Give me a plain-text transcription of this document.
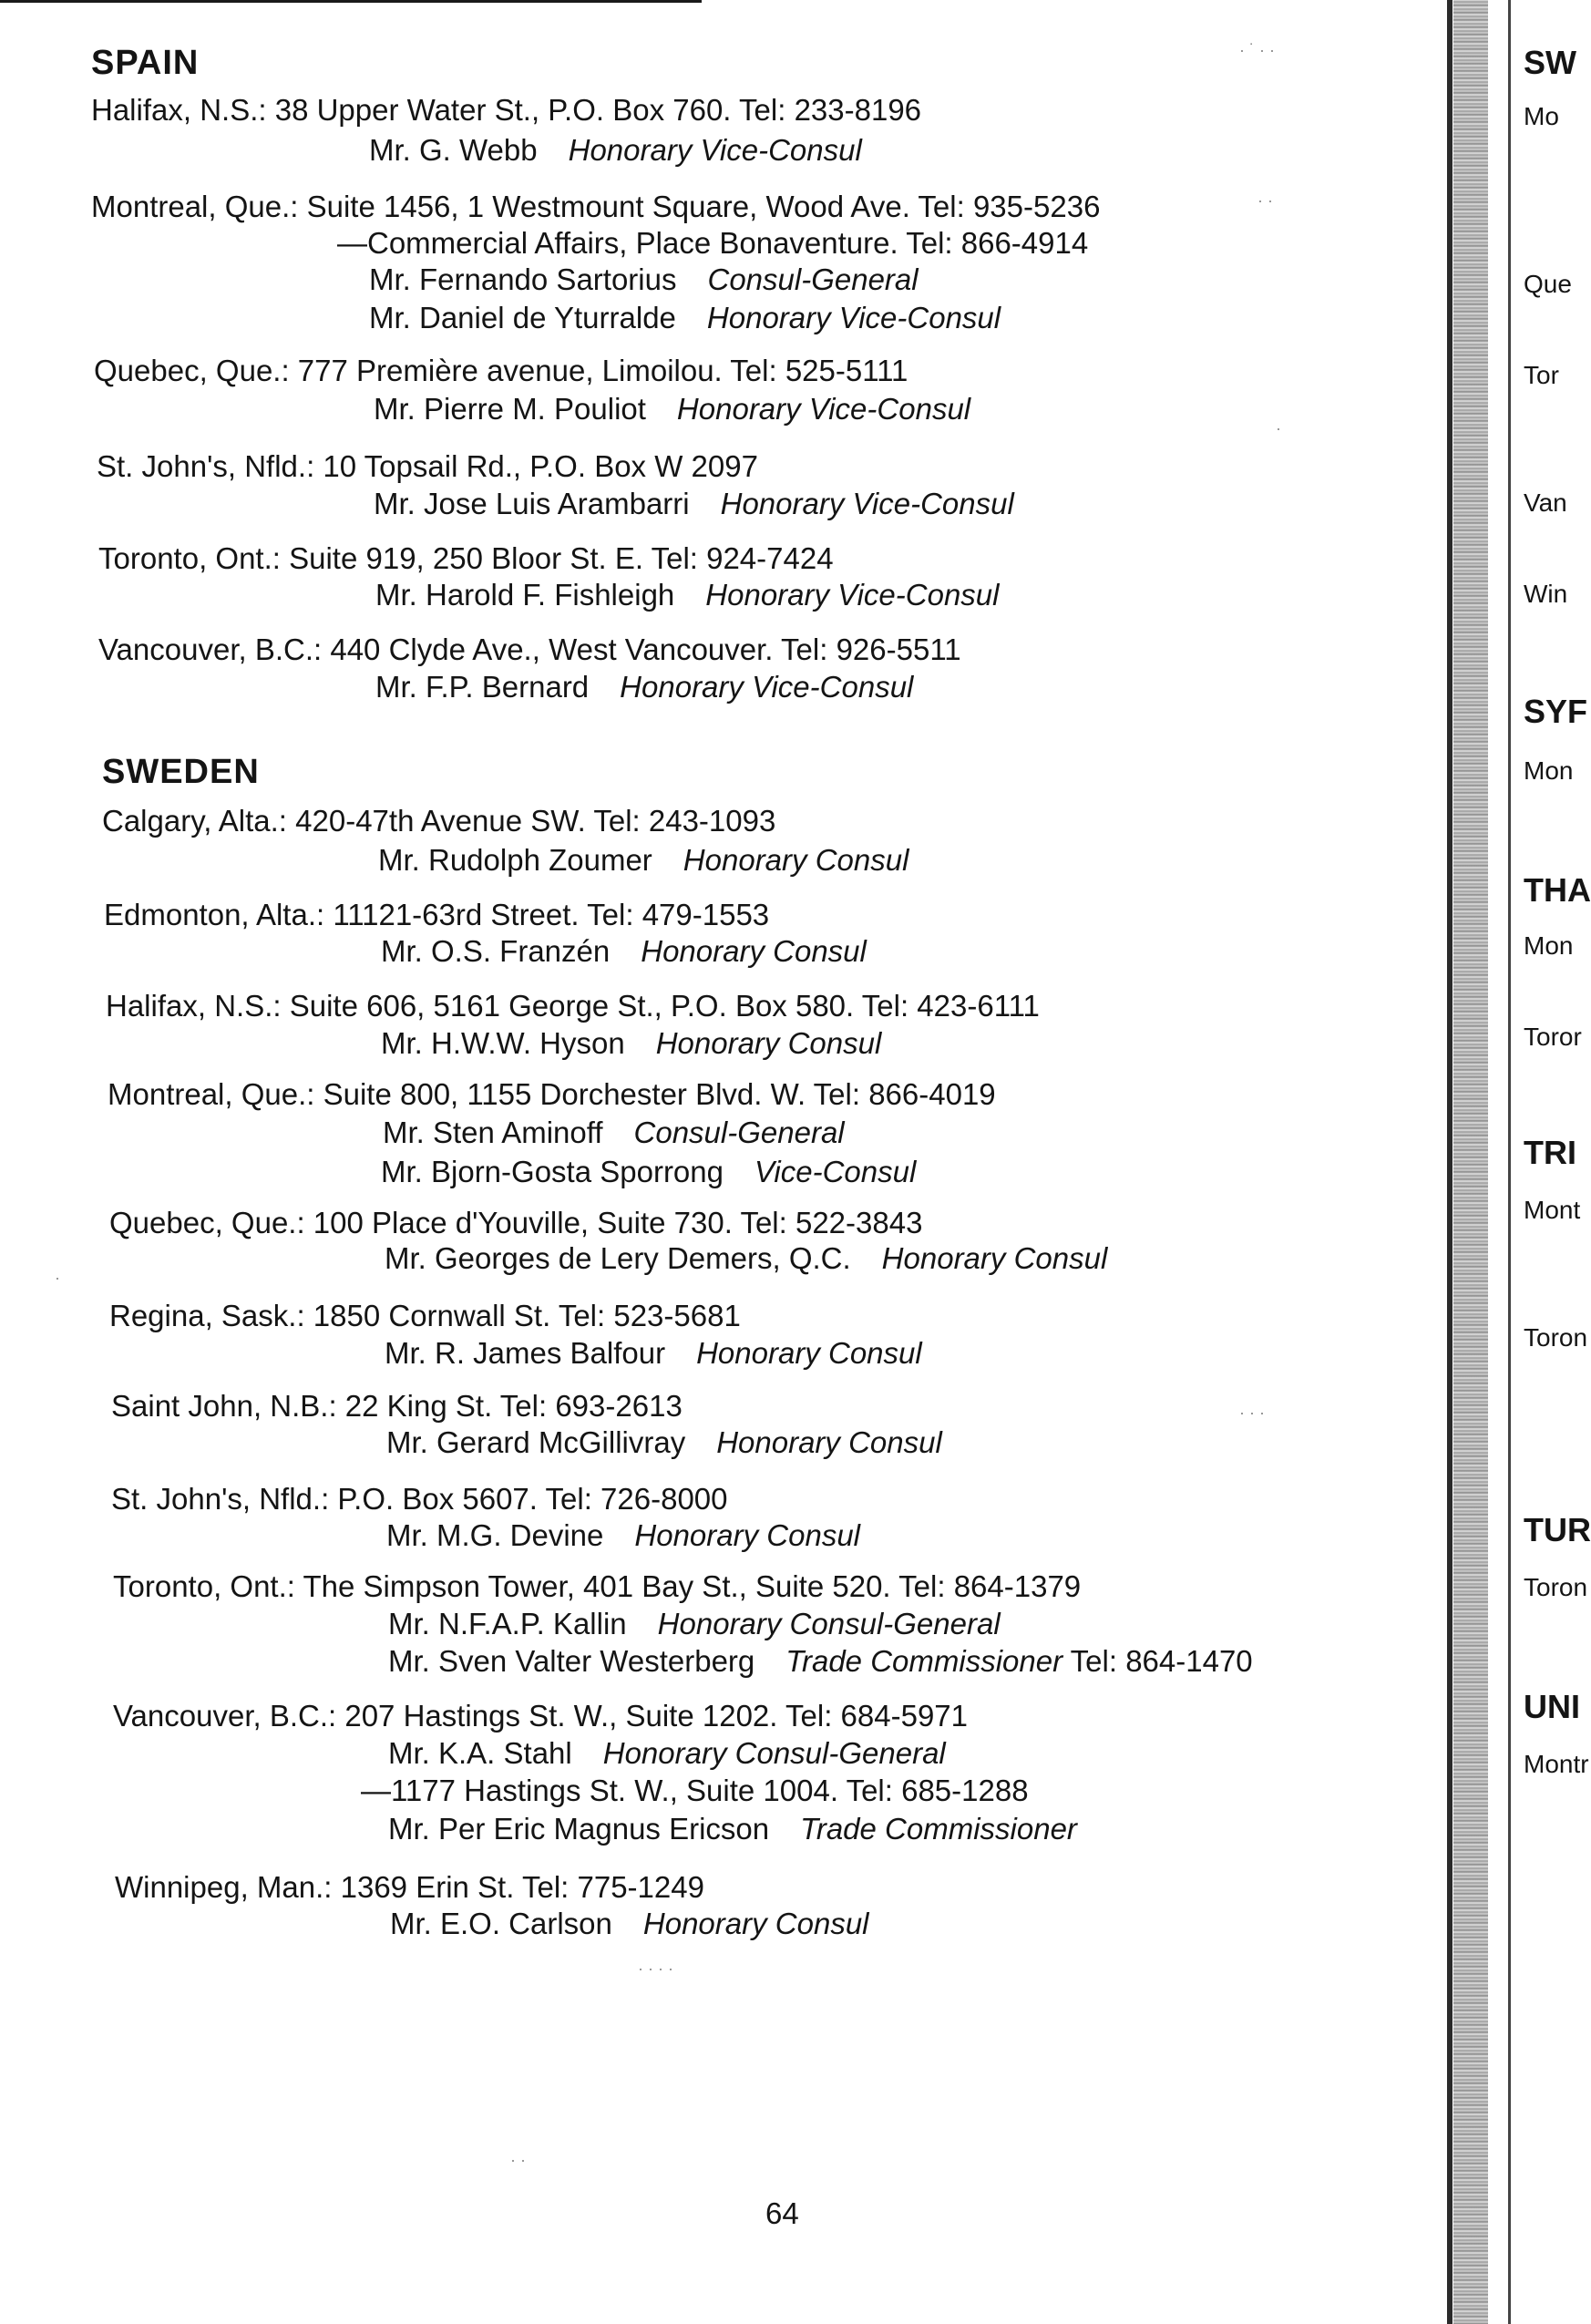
SPAIN
Halifax, N.S.: 38 Upper Water St., P.O. Box 760. Tel: 233-8196
Mr. G. Webb Honorary Vice-Consul
Montreal, Que.: Suite 1456, 1 Westmount Square, Wood Ave. Tel: 935-5236
—Commercial Affairs, Place Bonaventure. Tel: 866-4914
Mr. Fernando Sartorius Consul-General
Mr. Daniel de Yturralde Honorary Vice-Consul
Quebec, Que.: 777 Première avenue, Limoilou. Tel: 525-5111
Mr. Pierre M. Pouliot Honorary Vice-Consul
St. John's, Nfld.: 10 Topsail Rd., P.O. Box W 2097
Mr. Jose Luis Arambarri Honorary Vice-Consul
Toronto, Ont.: Suite 919, 250 Bloor St. E. Tel: 924-7424
Mr. Harold F. Fishleigh Honorary Vice-Consul
Vancouver, B.C.: 440 Clyde Ave., West Vancouver. Tel: 926-5511
Mr. F.P. Bernard Honorary Vice-Consul
SWEDEN
Calgary, Alta.: 420-47th Avenue SW. Tel: 243-1093
Mr. Rudolph Zoumer Honorary Consul
Edmonton, Alta.: 11121-63rd Street. Tel: 479-1553
Mr. O.S. Franzén Honorary Consul
Halifax, N.S.: Suite 606, 5161 George St., P.O. Box 580. Tel: 423-6111
Mr. H.W.W. Hyson Honorary Consul
Montreal, Que.: Suite 800, 1155 Dorchester Blvd. W. Tel: 866-4019
Mr. Sten Aminoff Consul-General
Mr. Bjorn-Gosta Sporrong Vice-Consul
Quebec, Que.: 100 Place d'Youville, Suite 730. Tel: 522-3843
Mr. Georges de Lery Demers, Q.C. Honorary Consul
Regina, Sask.: 1850 Cornwall St. Tel: 523-5681
Mr. R. James Balfour Honorary Consul
Saint John, N.B.: 22 King St. Tel: 693-2613
Mr. Gerard McGillivray Honorary Consul
St. John's, Nfld.: P.O. Box 5607. Tel: 726-8000
Mr. M.G. Devine Honorary Consul
Toronto, Ont.: The Simpson Tower, 401 Bay St., Suite 520. Tel: 864-1379
Mr. N.F.A.P. Kallin Honorary Consul-General
Mr. Sven Valter Westerberg Trade Commissioner Tel: 864-1470
Vancouver, B.C.: 207 Hastings St. W., Suite 1202. Tel: 684-5971
Mr. K.A. Stahl Honorary Consul-General
—1177 Hastings St. W., Suite 1004. Tel: 685-1288
Mr. Per Eric Magnus Ericson Trade Commissioner
Winnipeg, Man.: 1369 Erin St. Tel: 775-1249
Mr. E.O. Carlson Honorary Consul
64
· ˙ · ·
· ·
·
· · ·
· · · ·
· ·
·
SW
Mo
Que
Tor
Van
Win
SYF
Mon
THA
Mon
Toror
TRI
Mont
Toron
TUR
Toron
UNI
Montr
